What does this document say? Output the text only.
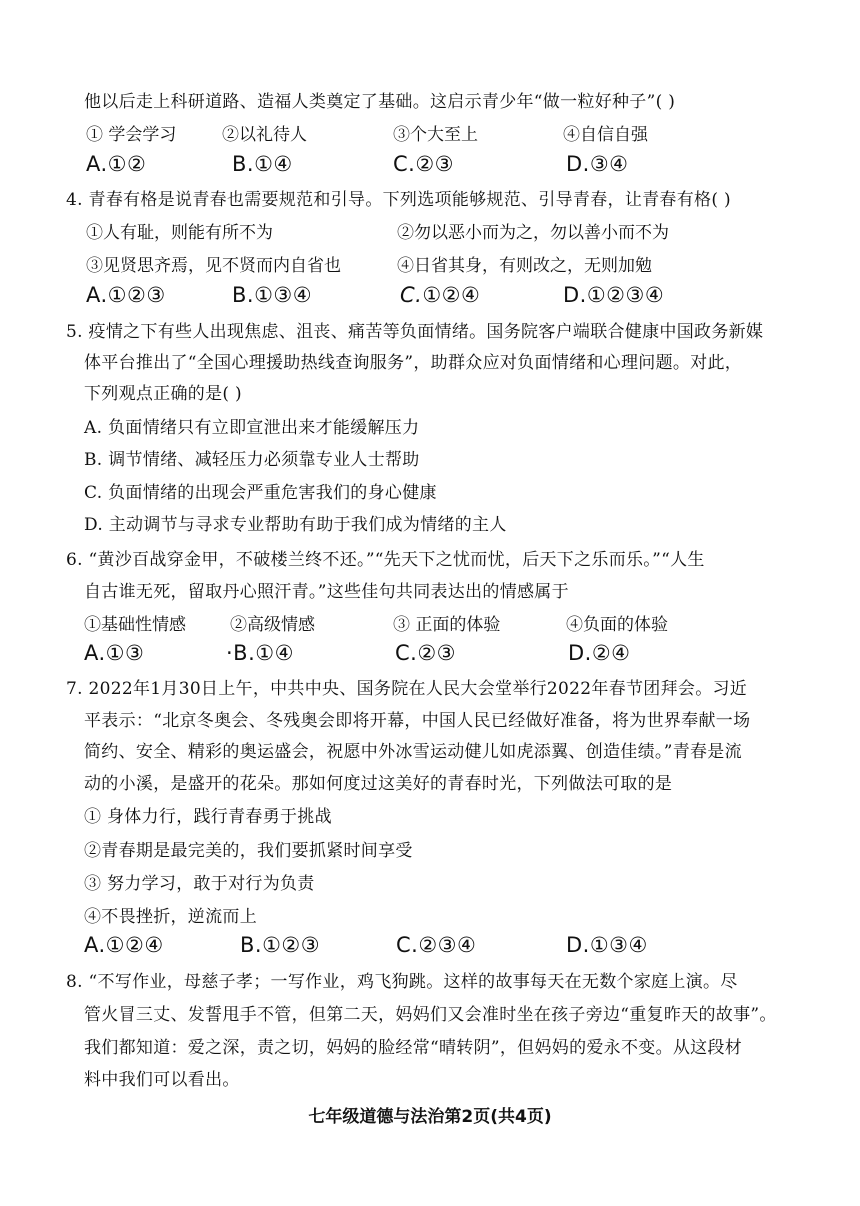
他以后走上科研道路、造福人类奠定了基础。这启示青少年“做一粒好种子”( )
① 学会学习	②以礼待人	③个大至上	④自信自强
A.①②	B.①④	C.②③	D.③④
4. 青春有格是说青春也需要规范和引导。下列选项能够规范、引导青春，让青春有格( )
①人有耻，则能有所不为	②勿以恶小而为之，勿以善小而不为
③见贤思齐焉，见不贤而内自省也	④日省其身，有则改之，无则加勉
A.①②③	B.①③④	C.①②④	D.①②③④
5. 疫情之下有些人出现焦虑、沮丧、痛苦等负面情绪。国务院客户端联合健康中国政务新媒
体平台推出了“全国心理援助热线查询服务”，助群众应对负面情绪和心理问题。对此，
下列观点正确的是( )
A. 负面情绪只有立即宣泄出来才能缓解压力
B. 调节情绪、减轻压力必须靠专业人士帮助
C. 负面情绪的出现会严重危害我们的身心健康
D. 主动调节与寻求专业帮助有助于我们成为情绪的主人
6. “黄沙百战穿金甲，不破楼兰终不还。”“先天下之忧而忧，后天下之乐而乐。”“人生
自古谁无死，留取丹心照汗青。”这些佳句共同表达出的情感属于
①基础性情感	②高级情感	③ 正面的体验	④负面的体验
A.①③	·B.①④	C.②③	D.②④
7. 2022年1月30日上午，中共中央、国务院在人民大会堂举行2022年春节团拜会。习近
平表示：“北京冬奥会、冬残奥会即将开幕，中国人民已经做好准备，将为世界奉献一场
简约、安全、精彩的奥运盛会，祝愿中外冰雪运动健儿如虎添翼、创造佳绩。”青春是流
动的小溪，是盛开的花朵。那如何度过这美好的青春时光，下列做法可取的是
① 身体力行，践行青春勇于挑战
②青春期是最完美的，我们要抓紧时间享受
③ 努力学习，敢于对行为负责
④不畏挫折，逆流而上
A.①②④	B.①②③	C.②③④	D.①③④
8. “不写作业，母慈子孝；一写作业，鸡飞狗跳。这样的故事每天在无数个家庭上演。尽
管火冒三丈、发誓甩手不管，但第二天，妈妈们又会准时坐在孩子旁边“重复昨天的故事”。
我们都知道：爱之深，责之切，妈妈的脸经常“晴转阴”，但妈妈的爱永不变。从这段材
料中我们可以看出。
七年级道德与法治第2页(共4页)
